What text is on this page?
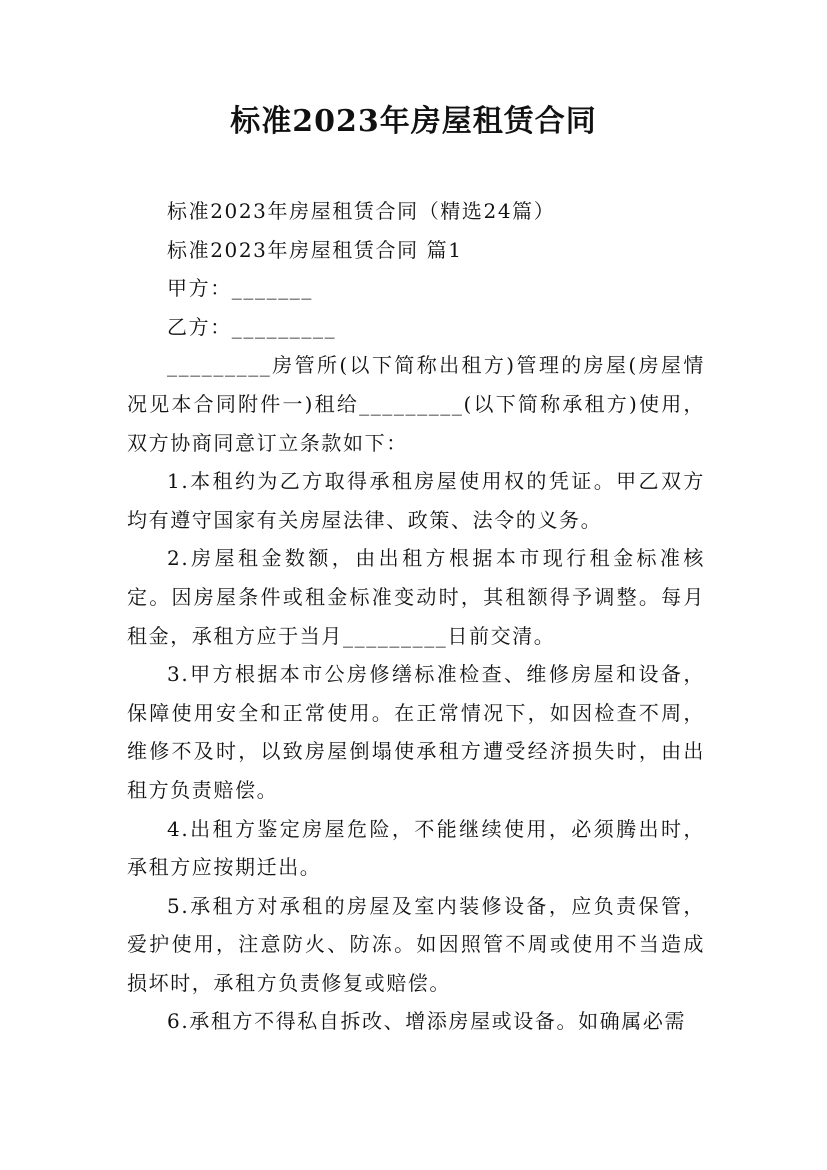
标准2023年房屋租赁合同

标准2023年房屋租赁合同（精选24篇）

标准2023年房屋租赁合同 篇1

甲方：_______

乙方：_________

_________房管所(以下简称出租方)管理的房屋(房屋情况见本合同附件一)租给_________(以下简称承租方)使用，双方协商同意订立条款如下：

1.本租约为乙方取得承租房屋使用权的凭证。甲乙双方均有遵守国家有关房屋法律、政策、法令的义务。

2.房屋租金数额，由出租方根据本市现行租金标准核定。因房屋条件或租金标准变动时，其租额得予调整。每月租金，承租方应于当月_________日前交清。

3.甲方根据本市公房修缮标准检查、维修房屋和设备，保障使用安全和正常使用。在正常情况下，如因检查不周，维修不及时，以致房屋倒塌使承租方遭受经济损失时，由出租方负责赔偿。

4.出租方鉴定房屋危险，不能继续使用，必须腾出时，承租方应按期迁出。

5.承租方对承租的房屋及室内装修设备，应负责保管，爱护使用，注意防火、防冻。如因照管不周或使用不当造成损坏时，承租方负责修复或赔偿。

6.承租方不得私自拆改、增添房屋或设备。如确属必需
